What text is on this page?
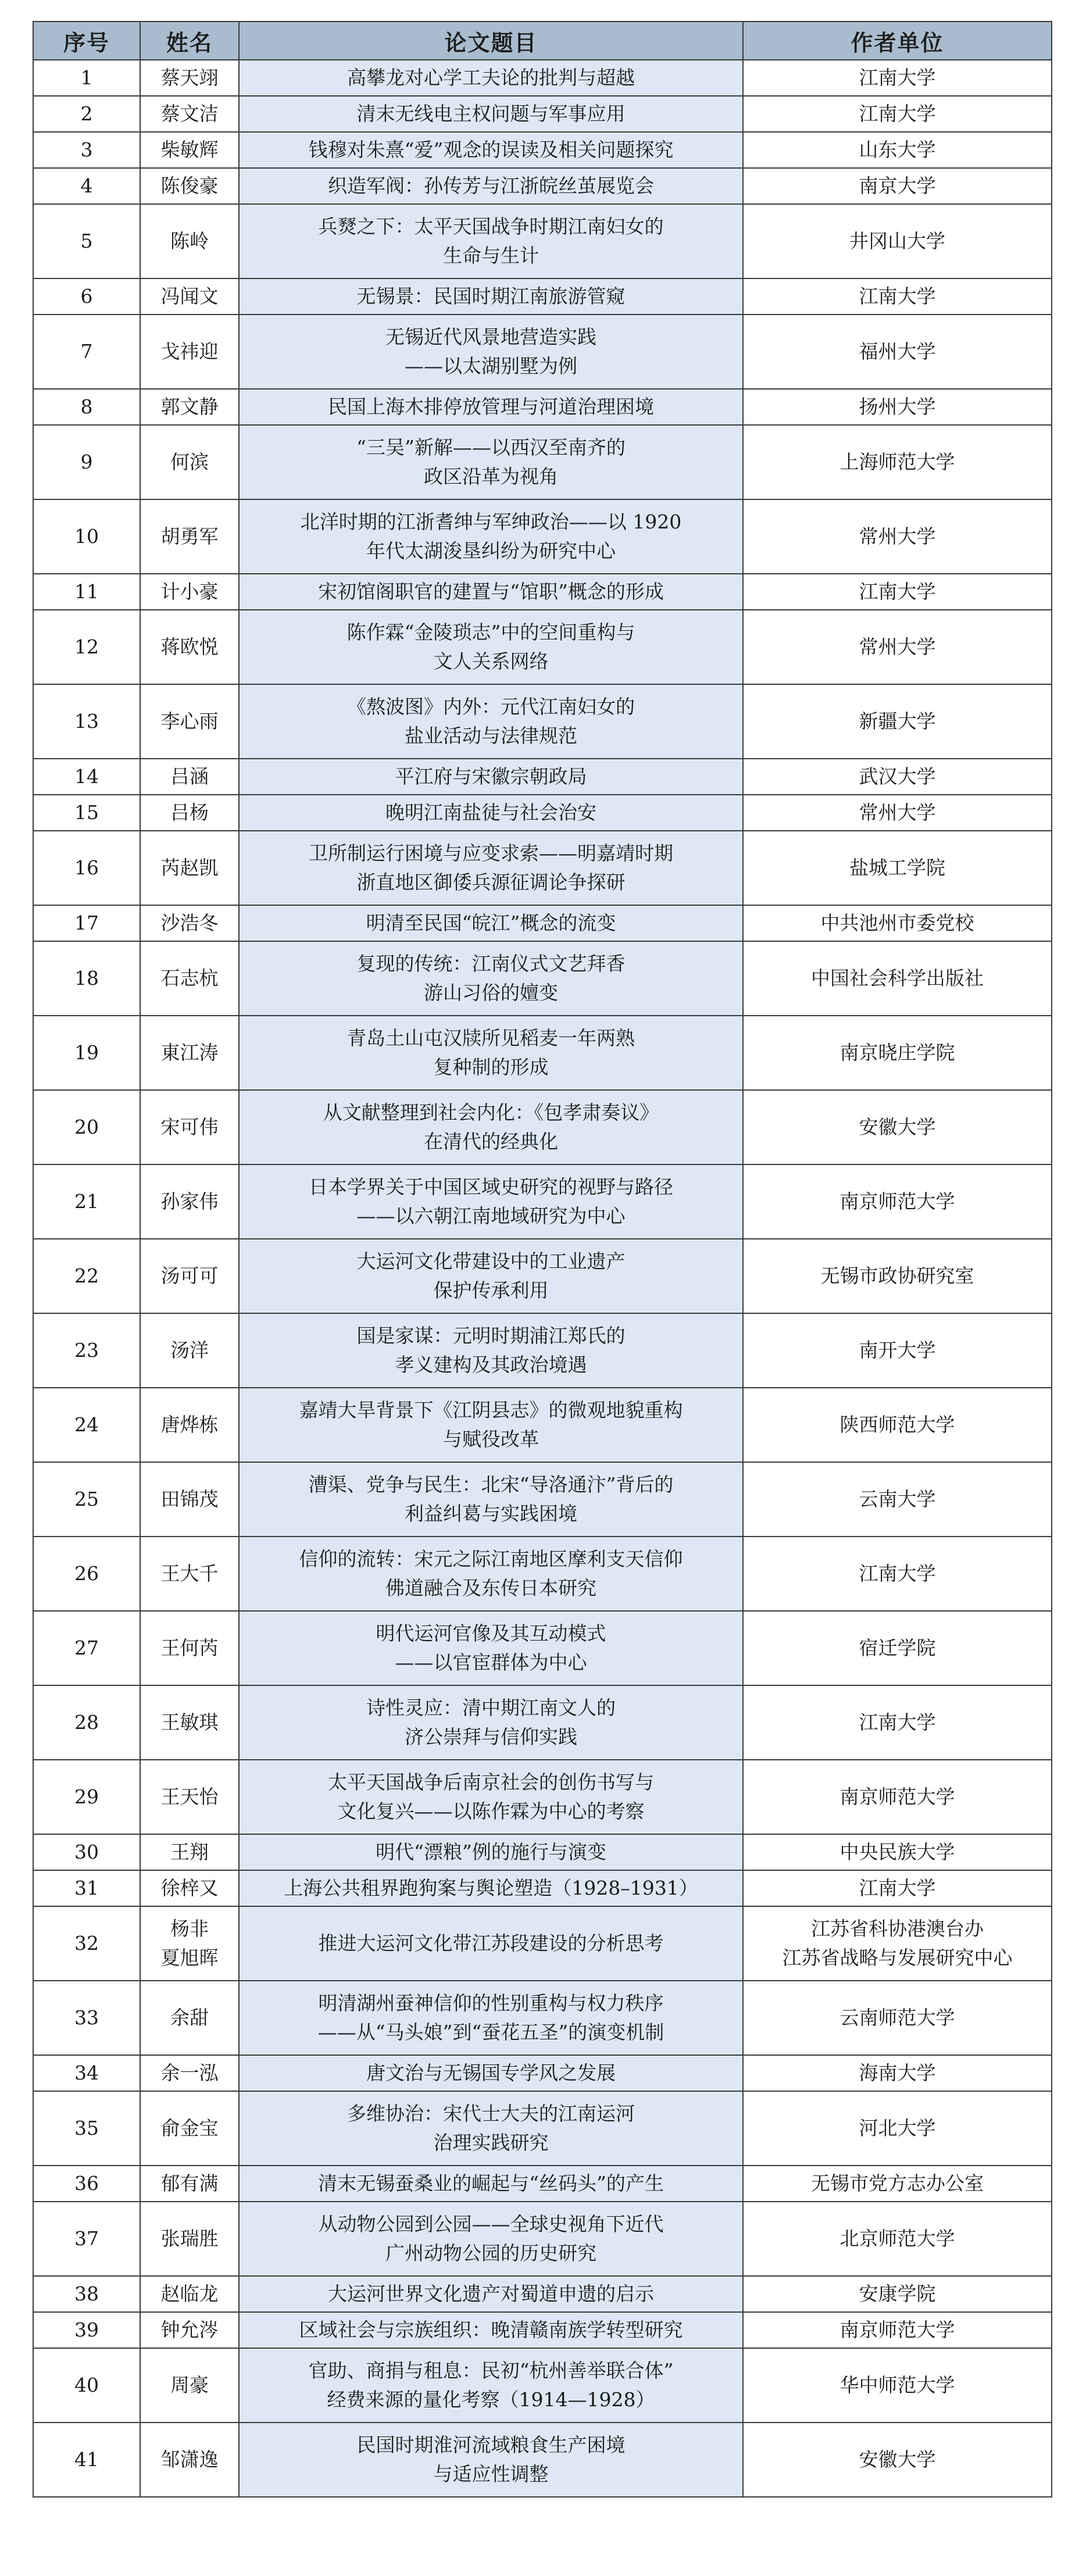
序号	姓名	论文题目	作者单位
1	蔡天翊	高攀龙对心学工夫论的批判与超越	江南大学

2	蔡文洁	清末无线电主权问题与军事应用	江南大学

3	柴敏辉	钱穆对朱熹“爱”观念的误读及相关问题探究	山东大学

4	陈俊豪	织造军阀：孙传芳与江浙皖丝茧展览会	南京大学

5	陈岭	兵燹之下：太平天国战争时期江南妇女的
生命与生计	井冈山大学

6	冯闻文	无锡景：民国时期江南旅游管窥	江南大学

7	戈祎迎	无锡近代风景地营造实践
——以太湖别墅为例	福州大学

8	郭文静	民国上海木排停放管理与河道治理困境	扬州大学

9	何滨	“三吴”新解——以西汉至南齐的
政区沿革为视角	上海师范大学

10	胡勇军	北洋时期的江浙耆绅与军绅政治——以 1920
年代太湖浚垦纠纷为研究中心	常州大学

11	计小豪	宋初馆阁职官的建置与“馆职”概念的形成	江南大学

12	蒋欧悦	陈作霖“金陵琐志”中的空间重构与
文人关系网络	常州大学

13	李心雨	《熬波图》内外：元代江南妇女的
盐业活动与法律规范	新疆大学

14	吕涵	平江府与宋徽宗朝政局	武汉大学

15	吕杨	晚明江南盐徒与社会治安	常州大学

16	芮赵凯	卫所制运行困境与应变求索——明嘉靖时期
浙直地区御倭兵源征调论争探研	盐城工学院

17	沙浩冬	明清至民国“皖江”概念的流变	中共池州市委党校

18	石志杭	复现的传统：江南仪式文艺拜香
游山习俗的嬗变	中国社会科学出版社

19	東江涛	青岛土山屯汉牍所见稻麦一年两熟
复种制的形成	南京晓庄学院

20	宋可伟	从文献整理到社会内化：《包孝肃奏议》
在清代的经典化	安徽大学

21	孙家伟	日本学界关于中国区域史研究的视野与路径
——以六朝江南地域研究为中心	南京师范大学

22	汤可可	大运河文化带建设中的工业遗产
保护传承利用	无锡市政协研究室

23	汤洋	国是家谋：元明时期浦江郑氏的
孝义建构及其政治境遇	南开大学

24	唐烨栋	嘉靖大旱背景下《江阴县志》的微观地貌重构
与赋役改革	陕西师范大学

25	田锦茂	漕渠、党争与民生：北宋“导洛通汴”背后的
利益纠葛与实践困境	云南大学

26	王大千	信仰的流转：宋元之际江南地区摩利支天信仰
佛道融合及东传日本研究	江南大学

27	王何芮	明代运河官像及其互动模式
——以官宦群体为中心	宿迁学院

28	王敏琪	诗性灵应：清中期江南文人的
济公崇拜与信仰实践	江南大学

29	王天怡	太平天国战争后南京社会的创伤书写与
文化复兴——以陈作霖为中心的考察	南京师范大学

30	王翔	明代“漂粮”例的施行与演变	中央民族大学

31	徐梓又	上海公共租界跑狗案与舆论塑造（1928–1931）	江南大学

32	杨非
夏旭晖	推进大运河文化带江苏段建设的分析思考	江苏省科协港澳台办
江苏省战略与发展研究中心

33	余甜	明清湖州蚕神信仰的性别重构与权力秩序
——从“马头娘”到“蚕花五圣”的演变机制	云南师范大学

34	余一泓	唐文治与无锡国专学风之发展	海南大学

35	俞金宝	多维协治：宋代士大夫的江南运河
治理实践研究	河北大学

36	郁有满	清末无锡蚕桑业的崛起与“丝码头”的产生	无锡市党方志办公室

37	张瑞胜	从动物公园到公园——全球史视角下近代
广州动物公园的历史研究	北京师范大学

38	赵临龙	大运河世界文化遗产对蜀道申遗的启示	安康学院

39	钟允涔	区域社会与宗族组织：晚清赣南族学转型研究	南京师范大学

40	周豪	官助、商捐与租息：民初“杭州善举联合体”
经费来源的量化考察（1914—1928）	华中师范大学

41	邹潇逸	民国时期淮河流域粮食生产困境
与适应性调整	安徽大学
